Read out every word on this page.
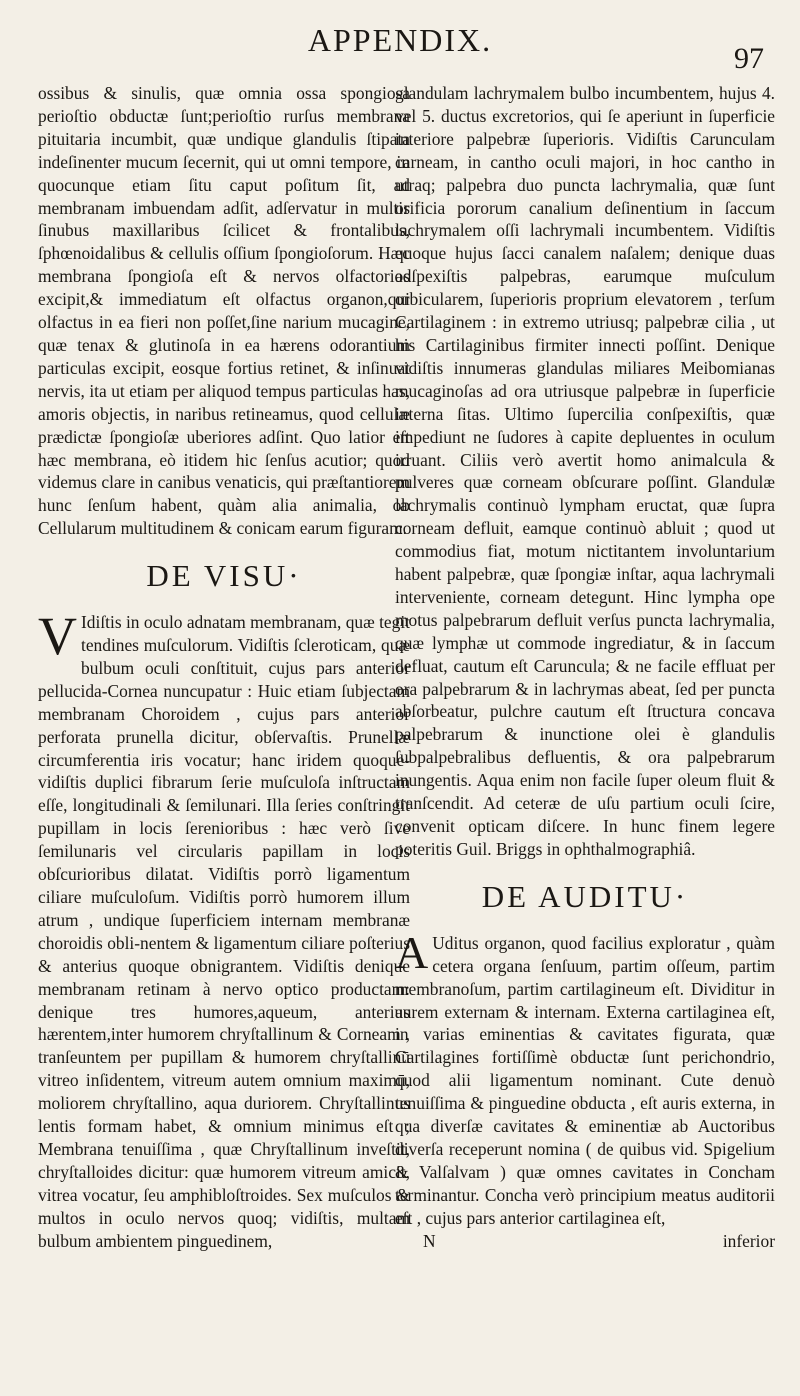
APPENDIX.
97

ossibus & sinulis, quæ omnia ossa spongiosa perioſtio obductæ ſunt;perioſtio rurſus membrana pituitaria incumbit, quæ undique glandulis ſtipata indeſinenter mucum ſecernit, qui ut omni tempore, in quocunque etiam ſitu caput poſitum ſit, ad membranam imbuendam adſit, adſervatur in multis ſinubus maxillaribus ſcilicet & frontalibus, ſphœnoidalibus & cellulis oſſium ſpongioſorum. Hæc membrana ſpongioſa eſt & nervos olfactorios excipit,& immediatum eſt olfactus organon,qui olfactus in ea fieri non poſſet,ſine narium mucagine, quæ tenax & glutinoſa in ea hærens odorantium particulas excipit, eosque fortius retinet, & inſinuat nervis, ita ut etiam per aliquod tempus particulas has, amoris objectis, in naribus retineamus, quod cellulæ prædictæ ſpongioſæ uberiores adſint. Quo latior eſt hæc membrana, eò itidem hic ſenſus acutior; quod videmus clare in canibus venaticis, qui præſtantiorem hunc ſenſum habent, quàm alia animalia, ob Cellularum multitudinem & conicam earum figuram.

DE VISU·

V Idiſtis in oculo adnatam membranam, quæ tegit tendines muſculorum. Vidiſtis ſcleroticam, quæ bulbum oculi conſtituit, cujus pars anterior pellucida-Cornea nuncupatur : Huic etiam ſubjectam membranam Choroidem , cujus pars anterior perforata prunella dicitur, obſervaſtis. Prunellæ circumferentia iris vocatur; hanc iridem quoque-vidiſtis duplici fibrarum ſerie muſculoſa inſtructam eſſe, longitudinali & ſemilunari. Illa ſeries conſtringit pupillam in locis ſerenioribus : hæc verò ſive ſemilunaris vel circularis papillam in locis obſcurioribus dilatat. Vidiſtis porrò ligamentum ciliare muſculoſum. Vidiſtis porrò humorem illum atrum , undique ſuperficiem internam membranæ choroidis obli-nentem & ligamentum ciliare poſterius & anterius quoque obnigrantem. Vidiſtis denique membranam retinam à nervo optico productam: denique tres humores,aqueum, anterius hærentem,inter humorem chryſtallinum & Corneam , tranſeuntem per pupillam & humorem chryſtallinū vitreo inſidentem, vitreum autem omnium maximū, moliorem chryſtallino, aqua duriorem. Chryſtallinus lentis formam habet, & omnium minimus eſt ; Membrana tenuiſſima , quæ Chryſtallinum inveſtit, chryſtalloides dicitur: quæ humorem vitreum amicit, vitrea vocatur, ſeu amphibloſtroides. Sex muſculos & multos in oculo nervos quoq; vidiſtis, multam bulbum ambientem pinguedinem,

glandulam lachrymalem bulbo incumbentem, hujus 4. vel 5. ductus excretorios, qui ſe aperiunt in ſuperficie interiore palpebræ ſuperioris. Vidiſtis Carunculam carneam, in cantho oculi majori, in hoc cantho in utraq; palpebra duo puncta lachrymalia, quæ ſunt orificia pororum canalium deſinentium in ſaccum lachrymalem oſſi lachrymali incumbentem. Vidiſtis quoque hujus ſacci canalem naſalem; denique duas adſpexiſtis palpebras, earumque muſculum orbicularem, ſuperioris proprium elevatorem , terſum Cartilaginem : in extremo utriusq; palpebræ cilia , ut his Cartilaginibus firmiter innecti poſſint. Denique vidiſtis innumeras glandulas miliares Meibomianas mucaginoſas ad ora utriusque palpebræ in ſuperficie interna ſitas. Ultimo ſupercilia conſpexiſtis, quæ impediunt ne ſudores à capite depluentes in oculum irruant. Ciliis verò avertit homo animalcula & pulveres quæ corneam obſcurare poſſint. Glandulæ lachrymalis continuò lympham eructat, quæ ſupra corneam defluit, eamque continuò abluit ; quod ut commodius fiat, motum nictitantem involuntarium habent palpebræ, quæ ſpongiæ inſtar, aqua lachrymali interveniente, corneam detegunt. Hinc lympha ope motus palpebrarum defluit verſus puncta lachrymalia, quæ lymphæ ut commode ingrediatur, & in ſaccum defluat, cautum eſt Caruncula; & ne facile effluat per ora palpebrarum & in lachrymas abeat, ſed per puncta abſorbeatur, pulchre cautum eſt ſtructura concava palpebrarum & inunctione olei è glandulis ſubpalpebralibus defluentis, & ora palpebrarum inungentis. Aqua enim non facile ſuper oleum fluit & tranſcendit. Ad ceteræ de uſu partium oculi ſcire, convenit opticam diſcere. In hunc finem legere poteritis Guil. Briggs in ophthalmographiâ.

DE AUDITU·

A Uditus organon, quod facilius exploratur , quàm cetera organa ſenſuum, partim oſſeum, partim membranoſum, partim cartilagineum eſt. Dividitur in aurem externam & internam. Externa cartilaginea eſt, in varias eminentias & cavitates figurata, quæ Cartilagines fortiſſimè obductæ ſunt perichondrio, quod alii ligamentum nominant. Cute denuò tenuiſſima & pinguedine obducta , eſt auris externa, in qua diverſæ cavitates & eminentiæ ab Auctoribus diverſa receperunt nomina ( de quibus vid. Spigelium & Valſalvam ) quæ omnes cavitates in Concham terminantur. Concha verò principium meatus auditorii eſt , cujus pars anterior cartilaginea eſt,

N	inferior
